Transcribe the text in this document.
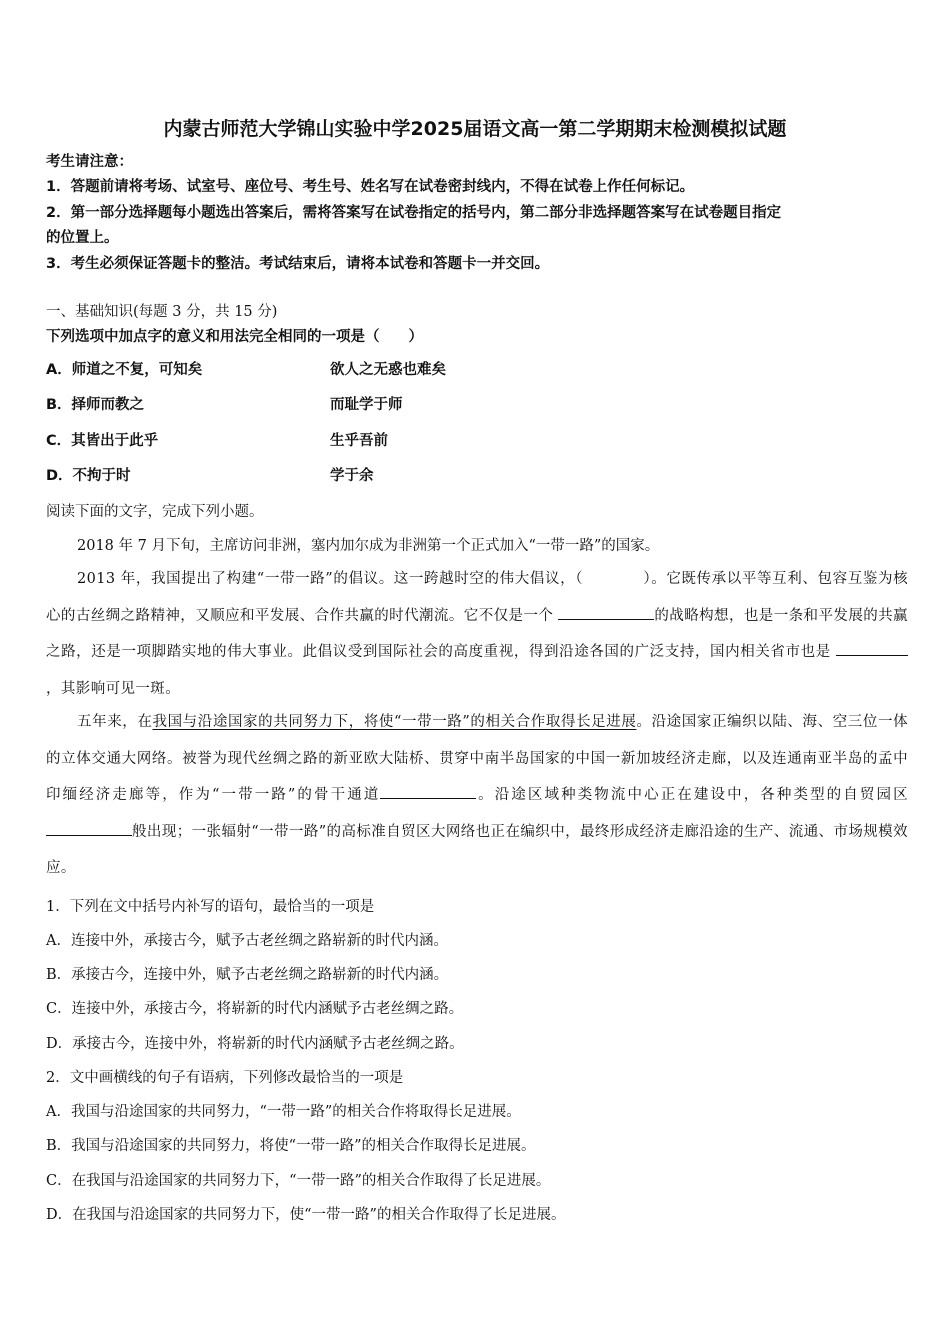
内蒙古师范大学锦山实验中学2025届语文高一第二学期期末检测模拟试题
考生请注意：
1．答题前请将考场、试室号、座位号、考生号、姓名写在试卷密封线内，不得在试卷上作任何标记。
2．第一部分选择题每小题选出答案后，需将答案写在试卷指定的括号内，第二部分非选择题答案写在试卷题目指定
的位置上。
3．考生必须保证答题卡的整洁。考试结束后，请将本试卷和答题卡一并交回。
一、基础知识(每题 3 分，共 15 分)
下列选项中加点字的意义和用法完全相同的一项是（　　）
A．师道之不复，可知矣	欲人之无惑也难矣
B．择师而教之	而耻学于师
C．其皆出于此乎	生乎吾前
D．不拘于时	学于余
阅读下面的文字，完成下列小题。
2018 年 7 月下旬，主席访问非洲，塞内加尔成为非洲第一个正式加入“一带一路”的国家。
2013 年，我国提出了构建“一带一路”的倡议。这一跨越时空的伟大倡议，（	）。它既传承以平等互利、包容互鉴为核心的古丝绸之路精神，又顺应和平发展、合作共赢的时代潮流。它不仅是一个	的战略构想，也是一条和平发展的共赢之路，还是一项脚踏实地的伟大事业。此倡议受到国际社会的高度重视，得到沿途各国的广泛支持，国内相关省市也是  ，其影响可见一斑。
五年来，在我国与沿途国家的共同努力下，将使“一带一路”的相关合作取得长足进展。沿途国家正编织以陆、海、空三位一体的立体交通大网络。被誉为现代丝绸之路的新亚欧大陆桥、贯穿中南半岛国家的中国一新加坡经济走廊，以及连通南亚半岛的孟中印缅经济走廊等，作为“一带一路”的骨干通道	。沿途区域种类物流中心正在建设中，各种类型的自贸园区 般出现；一张辐射“一带一路”的高标准自贸区大网络也正在编织中，最终形成经济走廊沿途的生产、流通、市场规模效应。
1．下列在文中括号内补写的语句，最恰当的一项是
A．连接中外，承接古今，赋予古老丝绸之路崭新的时代内涵。
B．承接古今，连接中外，赋予古老丝绸之路崭新的时代内涵。
C．连接中外，承接古今，将崭新的时代内涵赋予古老丝绸之路。
D．承接古今，连接中外，将崭新的时代内涵赋予古老丝绸之路。
2．文中画横线的句子有语病，下列修改最恰当的一项是
A．我国与沿途国家的共同努力，“一带一路”的相关合作将取得长足进展。
B．我国与沿途国家的共同努力，将使“一带一路”的相关合作取得长足进展。
C．在我国与沿途国家的共同努力下，“一带一路”的相关合作取得了长足进展。
D．在我国与沿途国家的共同努力下，使“一带一路”的相关合作取得了长足进展。
